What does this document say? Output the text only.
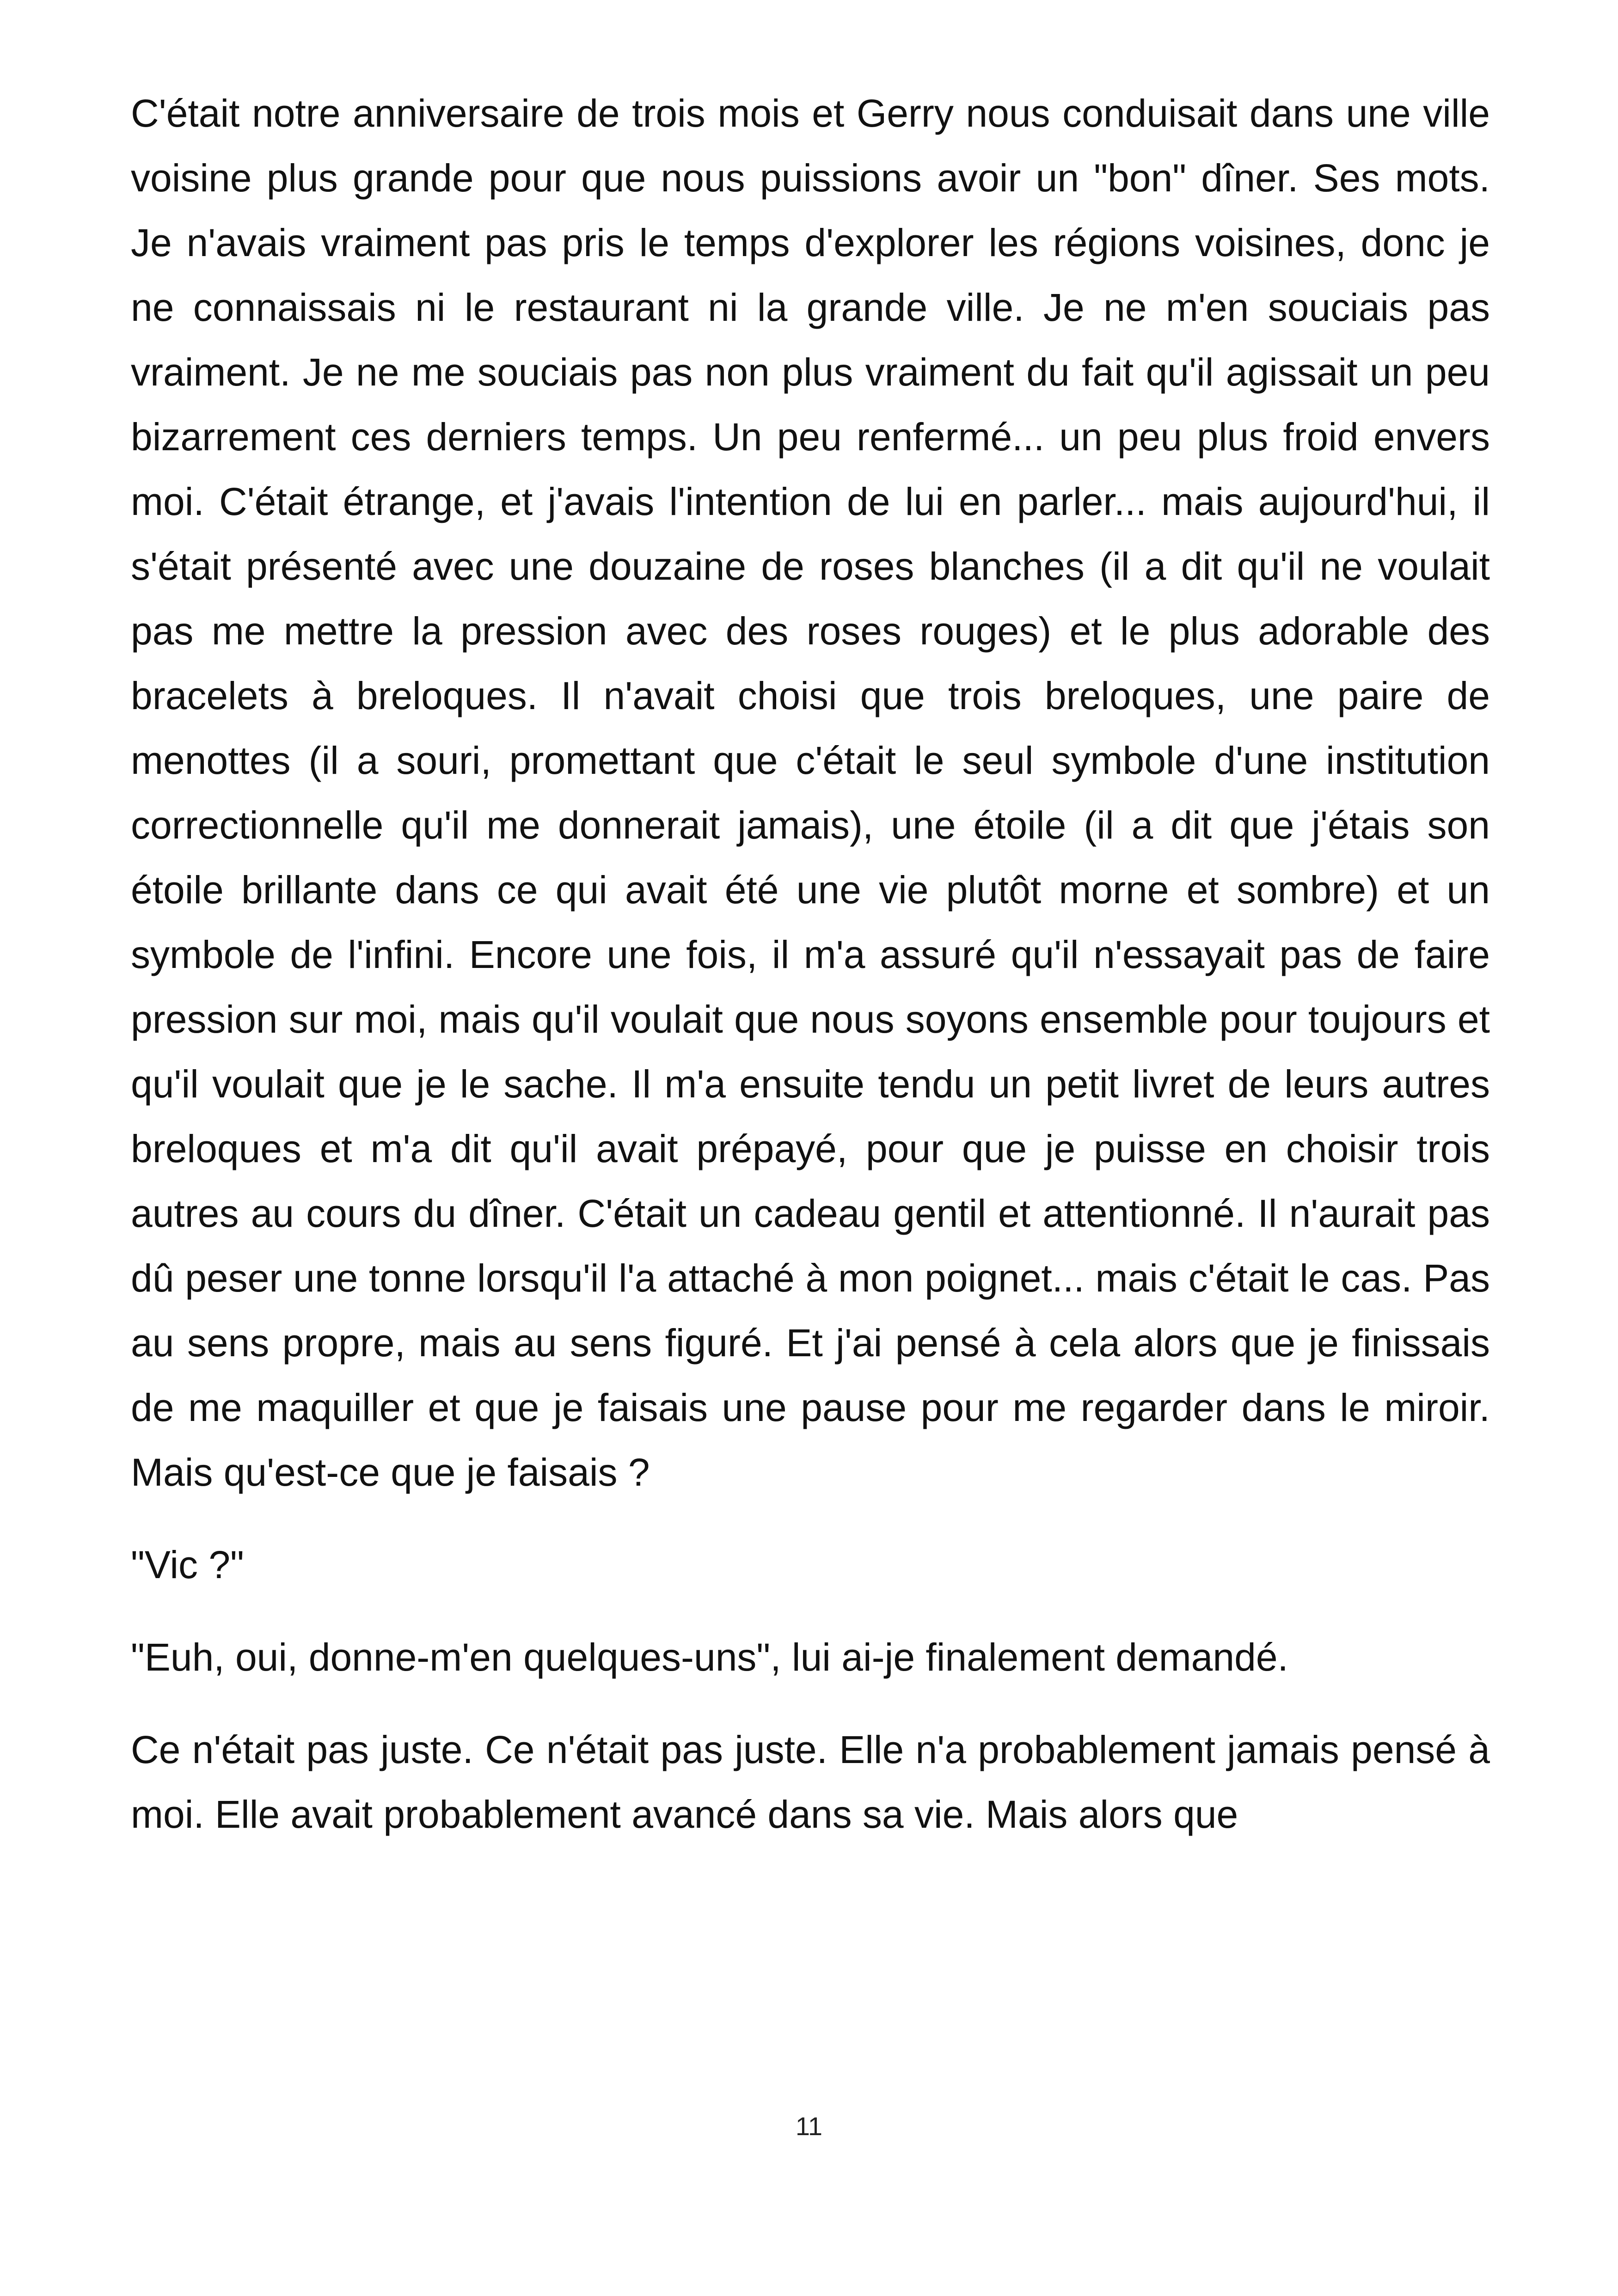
C'était notre anniversaire de trois mois et Gerry nous conduisait dans une ville voisine plus grande pour que nous puissions avoir un "bon" dîner. Ses mots. Je n'avais vraiment pas pris le temps d'explorer les régions voisines, donc je ne connaissais ni le restaurant ni la grande ville. Je ne m'en souciais pas vraiment. Je ne me souciais pas non plus vraiment du fait qu'il agissait un peu bizarrement ces derniers temps. Un peu renfermé... un peu plus froid envers moi. C'était étrange, et j'avais l'intention de lui en parler... mais aujourd'hui, il s'était présenté avec une douzaine de roses blanches (il a dit qu'il ne voulait pas me mettre la pression avec des roses rouges) et le plus adorable des bracelets à breloques. Il n'avait choisi que trois breloques, une paire de menottes (il a souri, promettant que c'était le seul symbole d'une institution correctionnelle qu'il me donnerait jamais), une étoile (il a dit que j'étais son étoile brillante dans ce qui avait été une vie plutôt morne et sombre) et un symbole de l'infini. Encore une fois, il m'a assuré qu'il n'essayait pas de faire pression sur moi, mais qu'il voulait que nous soyons ensemble pour toujours et qu'il voulait que je le sache. Il m'a ensuite tendu un petit livret de leurs autres breloques et m'a dit qu'il avait prépayé, pour que je puisse en choisir trois autres au cours du dîner. C'était un cadeau gentil et attentionné. Il n'aurait pas dû peser une tonne lorsqu'il l'a attaché à mon poignet... mais c'était le cas. Pas au sens propre, mais au sens figuré. Et j'ai pensé à cela alors que je finissais de me maquiller et que je faisais une pause pour me regarder dans le miroir. Mais qu'est-ce que je faisais ?

"Vic ?"

"Euh, oui, donne-m'en quelques-uns", lui ai-je finalement demandé.

Ce n'était pas juste. Ce n'était pas juste. Elle n'a probablement jamais pensé à moi. Elle avait probablement avancé dans sa vie. Mais alors que

11
